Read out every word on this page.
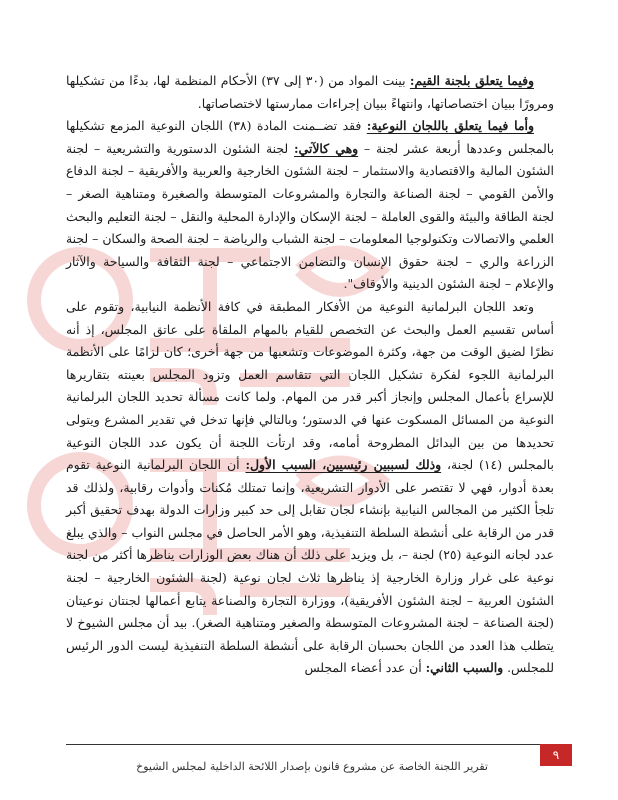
وفيما يتعلق بلجنة القيم: بينت المواد من (٣٠ إلى ٣٧) الأحكام المنظمة لها، بدءًا من تشكيلها ومرورًا ببيان اختصاصاتها، وانتهاءً ببيان إجراءات ممارستها لاختصاصاتها.

وأما فيما يتعلق باللجان النوعية: فقد تضــمنت المادة (٣٨) اللجان النوعية المزمع تشكيلها بالمجلس وعددها أربعة عشر لجنة – وهي كالآتي: لجنة الشئون الدستورية والتشريعية – لجنة الشئون المالية والاقتصادية والاستثمار – لجنة الشئون الخارجية والعربية والأفريقية – لجنة الدفاع والأمن القومي – لجنة الصناعة والتجارة والمشروعات المتوسطة والصغيرة ومتناهية الصغر – لجنة الطاقة والبيئة والقوى العاملة – لجنة الإسكان والإدارة المحلية والنقل – لجنة التعليم والبحث العلمي والاتصالات وتكنولوجيا المعلومات – لجنة الشباب والرياضة – لجنة الصحة والسكان – لجنة الزراعة والري – لجنة حقوق الإنسان والتضامن الاجتماعي – لجنة الثقافة والسياحة والآثار والإعلام – لجنة الشئون الدينية والأوقاف".

وتعد اللجان البرلمانية النوعية من الأفكار المطبقة في كافة الأنظمة النيابية، وتقوم على أساس تقسيم العمل والبحث عن التخصص للقيام بالمهام الملقاة على عاتق المجلس، إذ أنه نظرًا لضيق الوقت من جهة، وكثرة الموضوعات وتشعبها من جهة أخرى؛ كان لزامًا على الأنظمة البرلمانية اللجوء لفكرة تشكيل اللجان التي تتقاسم العمل وتزود المجلس بعينته بتقاريرها للإسراع بأعمال المجلس وإنجاز أكبر قدر من المهام. ولما كانت مسألة تحديد اللجان البرلمانية النوعية من المسائل المسكوت عنها في الدستور؛ وبالتالي فإنها تدخل في تقدير المشرع ويتولى تحديدها من بين البدائل المطروحة أمامه، وقد ارتأت اللجنة أن يكون عدد اللجان النوعية بالمجلس (١٤) لجنة، وذلك لسببين رئيسيين، السبب الأول: أن اللجان البرلمانية النوعية تقوم بعدة أدوار، فهي لا تقتصر على الأدوار التشريعية، وإنما تمتلك مُكنات وأدوات رقابية، ولذلك قد تلجأ الكثير من المجالس النيابية بإنشاء لجان تقابل إلى حد كبير وزارات الدولة بهدف تحقيق أكبر قدر من الرقابة على أنشطة السلطة التنفيذية، وهو الأمر الحاصل في مجلس النواب – والذي يبلغ عدد لجانه النوعية (٢٥) لجنة –، بل ويزيد على ذلك أن هناك بعض الوزارات يناظرها أكثر من لجنة نوعية على غرار وزارة الخارجية إذ يناظرها ثلاث لجان نوعية (لجنة الشئون الخارجية – لجنة الشئون العربية – لجنة الشئون الأفريقية)، ووزارة التجارة والصناعة يتابع أعمالها لجنتان نوعيتان (لجنة الصناعة – لجنة المشروعات المتوسطة والصغير ومتناهية الصغر). بيد أن مجلس الشيوخ لا يتطلب هذا العدد من اللجان بحسبان الرقابة على أنشطة السلطة التنفيذية ليست الدور الرئيس للمجلس. والسبب الثاني: أن عدد أعضاء المجلس

تقرير اللجنة الخاصة عن مشروع قانون بإصدار اللائحة الداخلية لمجلس الشيوخ
٩
